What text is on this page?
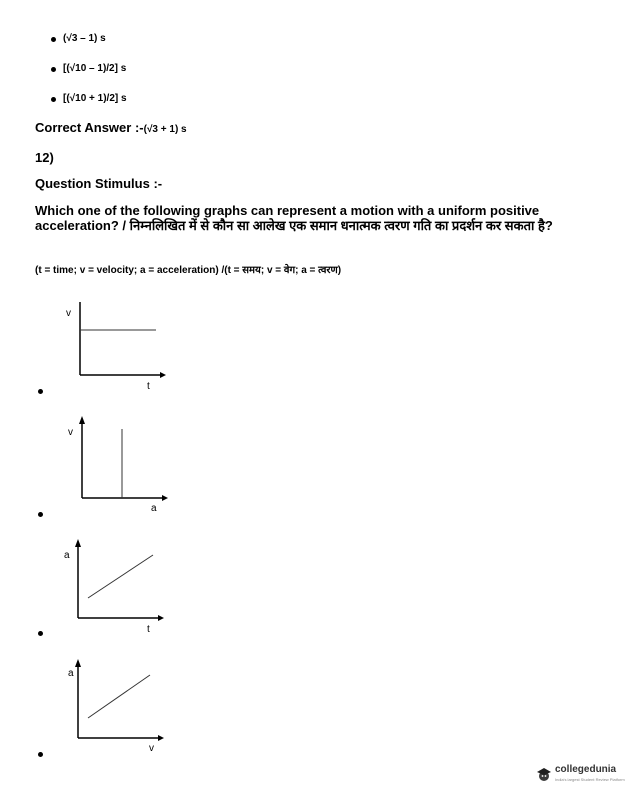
(√3 – 1) s
[(√10 – 1)/2] s
[(√10 + 1)/2] s
Correct Answer :-(√3 + 1) s
12)
Question Stimulus :-
Which one of the following graphs can represent a motion with a uniform positive acceleration? / निम्नलिखित में से कौन सा आलेख एक समान धनात्मक त्वरण गति का प्रदर्शन कर सकता है?
(t = time; v = velocity; a = acceleration) /(t = समय; v = वेग; a = त्वरण)
v
t
v
a
a
t
a
v
collegedunia
India's largest Student Review Platform
